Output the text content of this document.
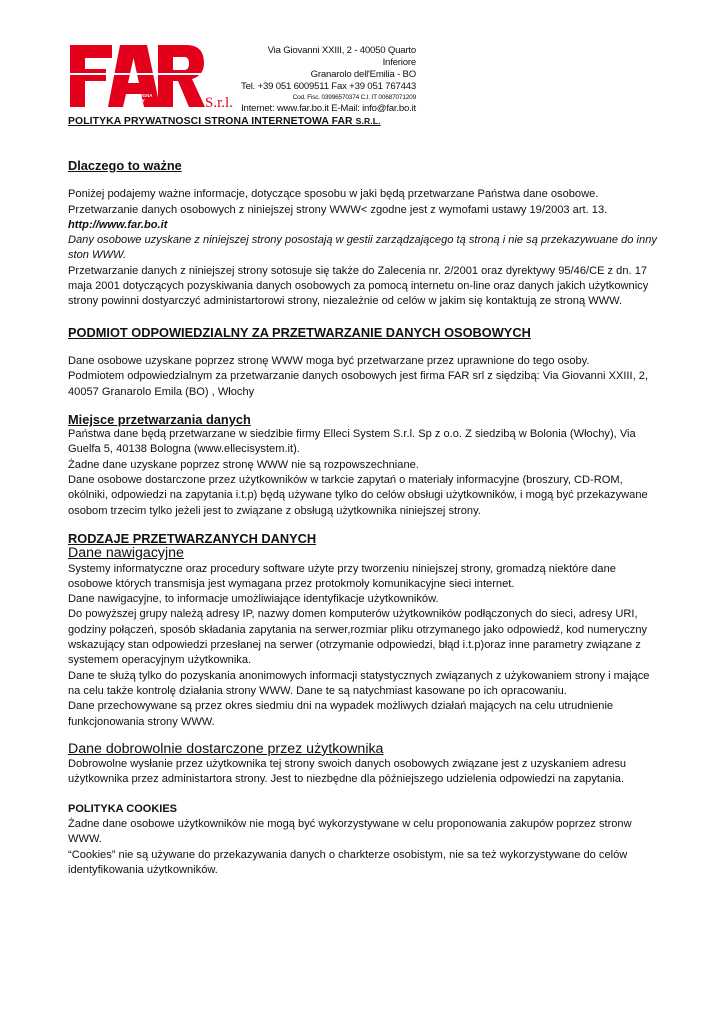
BOLOGNA
ITALY	S.r.l.
Via Giovanni XXIII, 2 - 40050 Quarto Inferiore
Granarolo dell'Emilia - BO
Tel. +39 051 6009511 Fax +39 051 767443
Cod. Fisc. 03996570374 C.I. IT 00687071209
Internet: www.far.bo.it E-Mail: info@far.bo.it
POLITYKA PRYWATNOSCI STRONA INTERNETOWA FAR S.R.L.

Dlaczego to ważne

Poniżej podajemy ważne informacje, dotyczące sposobu w jaki będą przetwarzane Państwa dane osobowe. Przetwarzanie danych osobowych z niniejszej strony WWW< zgodne jest z wymofami ustawy 19/2003 art. 13.

http://www.far.bo.it

Dany osobowe uzyskane z niniejszej strony posostają w gestii zarządzającego tą stroną i nie są przekazywuane do inny ston WWW.

Przetwarzanie danych z niniejszej strony sotosuje się także do Zalecenia nr. 2/2001 oraz dyrektywy 95/46/CE z dn. 17 maja 2001 dotyczących pozyskiwania danych osobowych za pomocą internetu on-line oraz danych jakich użytkownicy strony powinni dostyarczyć administartorowi strony, niezależnie od celów w jakim się kontaktują ze stroną WWW.

PODMIOT ODPOWIEDZIALNY ZA PRZETWARZANIE DANYCH OSOBOWYCH

Dane osobowe uzyskane poprzez stronę WWW moga być przetwarzane przez uprawnione do tego osoby.

Podmiotem odpowiedzialnym za przetwarzanie danych osobowych jest firma FAR srl z siędzibą: Via Giovanni XXIII, 2, 40057 Granarolo Emila (BO) , Włochy

Miejsce przetwarzania danych

Państwa dane będą przetwarzane w siedzibie firmy Elleci System S.r.l. Sp z o.o. Z siedzibą w Bolonia (Włochy), Via Guelfa 5, 40138 Bologna (www.ellecisystem.it).

Żadne dane uzyskane poprzez stronę WWW nie są rozpowszechniane.

Dane osobowe dostarczone przez użytkowników w tarkcie zapytań o materiały informacyjne (broszury, CD-ROM, okólniki, odpowiedzi na zapytania i.t.p) będą używane tylko do celów obsługi użytkowników, i mogą być przekazywane osobom trzecim tylko jeżeli jest to związane z obsługą użytkownika niniejszej strony.

RODZAJE PRZETWARZANYCH DANYCH

Dane nawigacyjne

Systemy informatyczne oraz procedury software użyte przy tworzeniu niniejszej strony, gromadzą niektóre dane osobowe których transmisja jest wymagana przez protokmoły komunikacyjne sieci internet.

Dane nawigacyjne, to informacje umożliwiające identyfikacje użytkowników.

Do powyższej grupy należą adresy IP, nazwy domen komputerów użytkowników podłączonych do sieci, adresy URI, godziny połączeń, sposób składania zapytania na serwer,rozmiar pliku otrzymanego jako odpowiedź, kod numeryczny wskazujący stan odpowiedzi przesłanej na serwer (otrzymanie odpowiedzi, błąd i.t.p)oraz inne parametry związane z systemem operacyjnym użytkownika.

Dane te służą tylko do pozyskania anonimowych informacji statystycznych związanych z użykowaniem strony i mające na celu także kontrolę działania strony WWW. Dane te są natychmiast kasowane po ich opracowaniu.

Dane przechowywane są przez okres siedmiu dni na wypadek możliwych działań mających na celu utrudnienie funkcjonowania strony WWW.

Dane dobrowolnie dostarczone przez użytkownika

Dobrowolne wysłanie przez użytkownika tej strony swoich danych osobowych związane jest z uzyskaniem adresu użytkownika przez administartora strony. Jest to niezbędne dla późniejszego udzielenia odpowiedzi na zapytania.

POLITYKA COOKIES

Żadne dane osobowe użytkowników nie mogą być wykorzystywane w celu proponowania zakupów poprzez stronw WWW.

“Cookies” nie są używane do przekazywania danych o charkterze osobistym, nie sa też wykorzystywane do celów identyfikowania użytkowników.
